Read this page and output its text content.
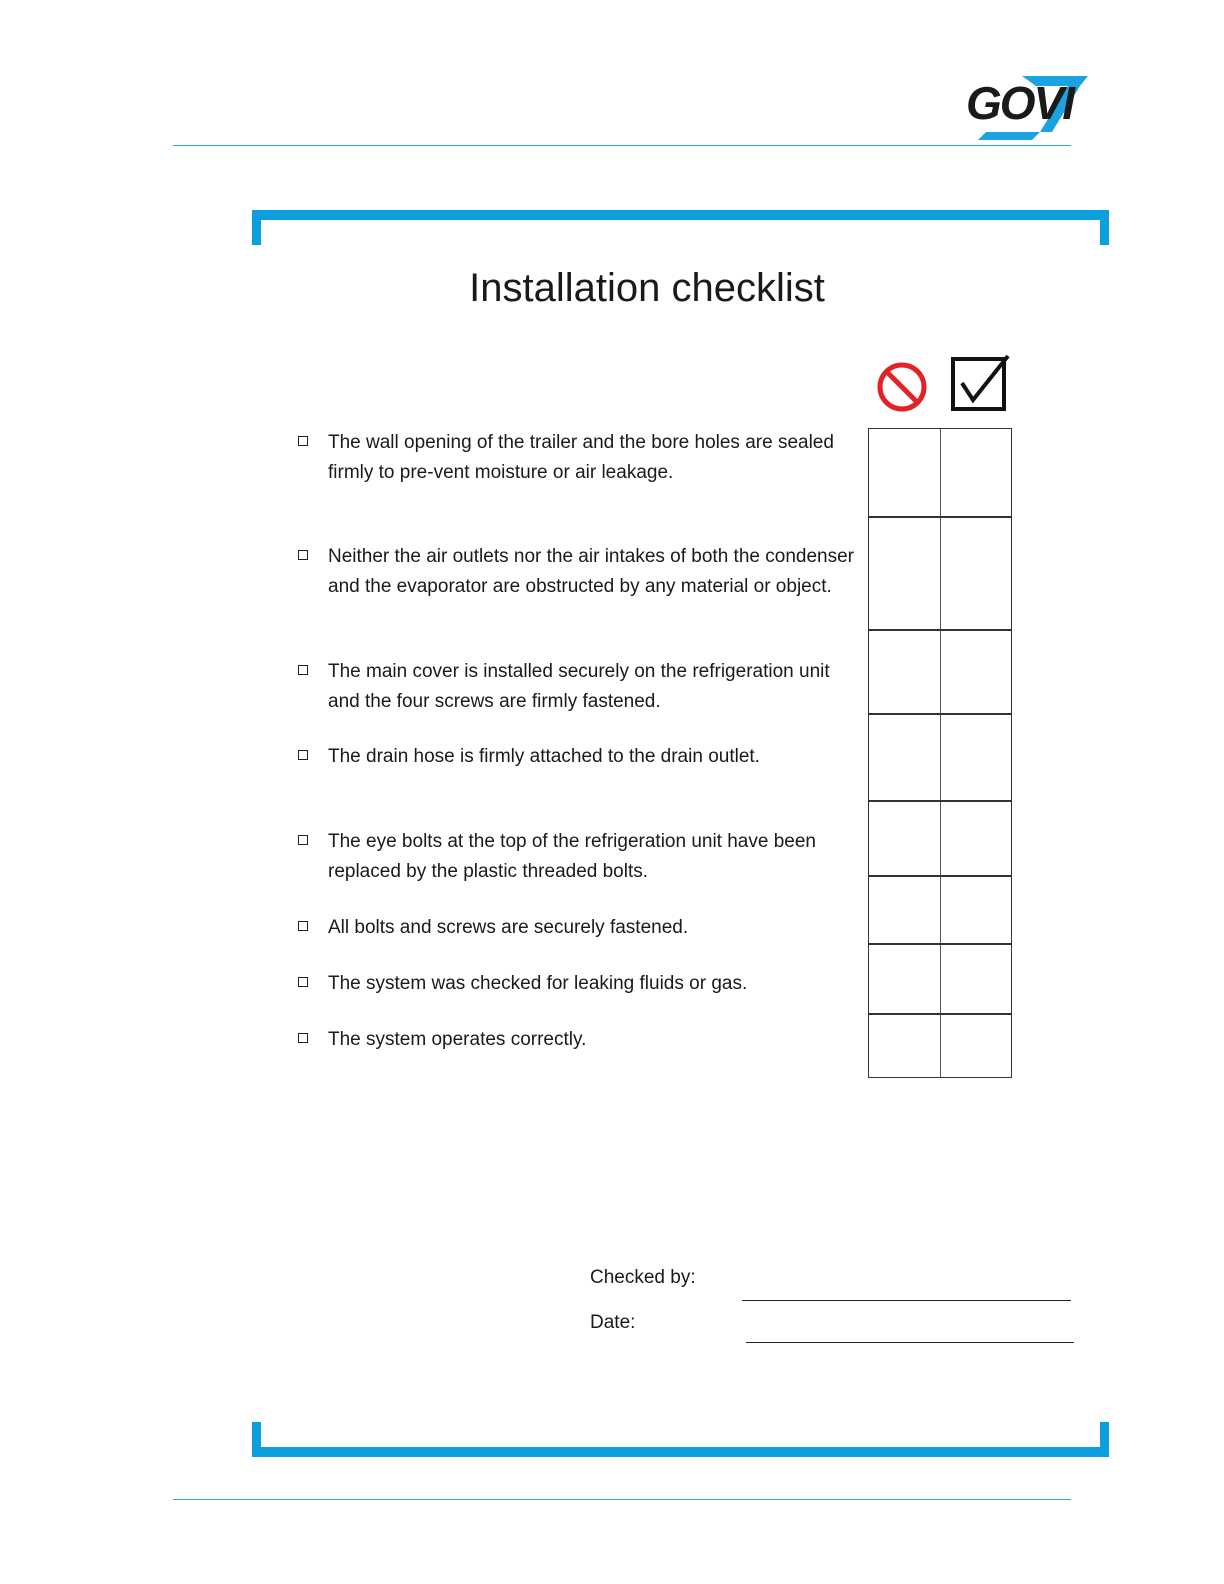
GOVI
Installation checklist

The wall opening of the trailer and the bore holes are sealed firmly to pre-vent moisture or air leakage.

Neither the air outlets nor the air intakes of both the condenser and the evaporator are obstructed by any material or object.

The main cover is installed securely on the refrigeration unit and the four screws are firmly fastened.

The drain hose is firmly attached to the drain outlet.

The eye bolts at the top of the refrigeration unit have been replaced by the plastic threaded bolts.

All bolts and screws are securely fastened.

The system was checked for leaking fluids or gas.

The system operates correctly.

Checked by:
Date:
